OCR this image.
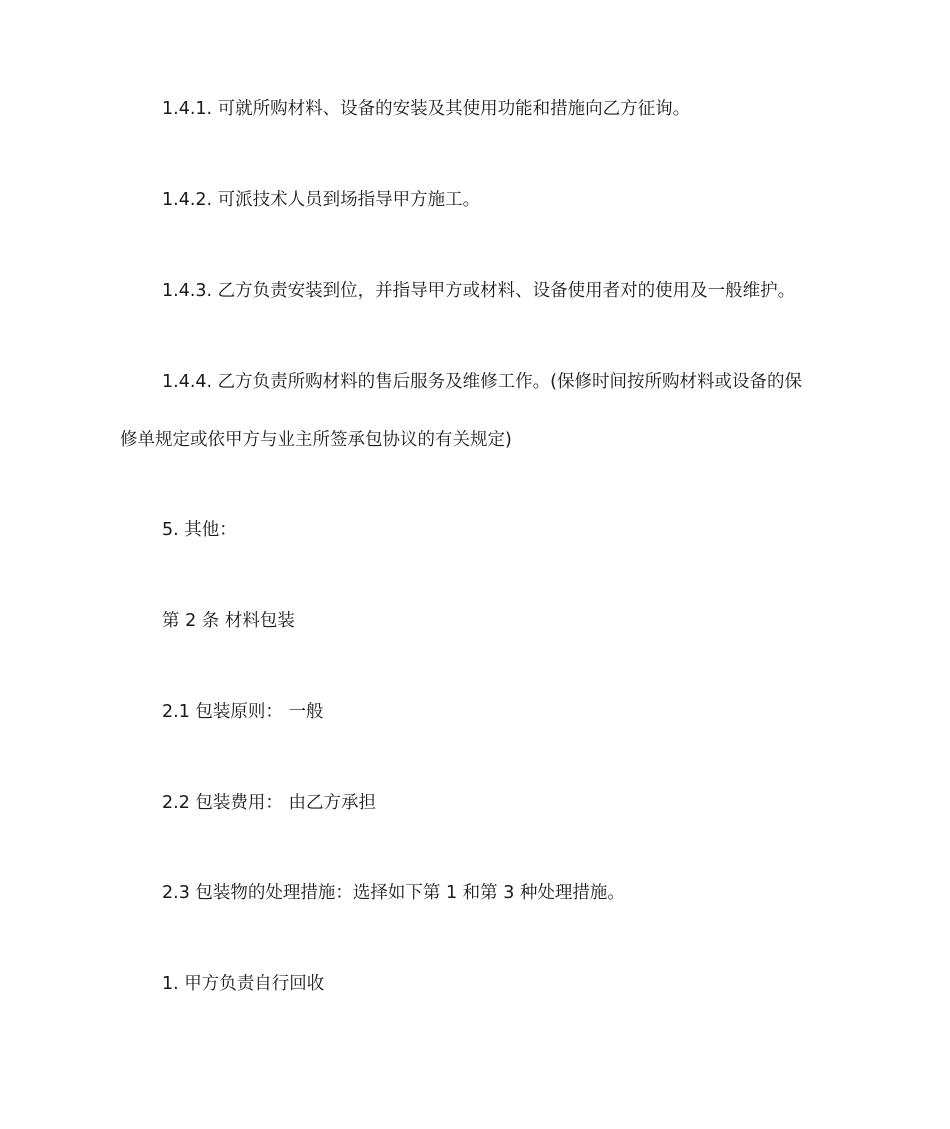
1.4.1. 可就所购材料、设备的安装及其使用功能和措施向乙方征询。
1.4.2. 可派技术人员到场指导甲方施工。
1.4.3. 乙方负责安装到位，并指导甲方或材料、设备使用者对的使用及一般维护。
1.4.4. 乙方负责所购材料的售后服务及维修工作。(保修时间按所购材料或设备的保
修单规定或依甲方与业主所签承包协议的有关规定)
5. 其他：
第 2 条 材料包装
2.1 包装原则： 一般
2.2 包装费用： 由乙方承担
2.3 包装物的处理措施：选择如下第 1 和第 3 种处理措施。
1. 甲方负责自行回收
